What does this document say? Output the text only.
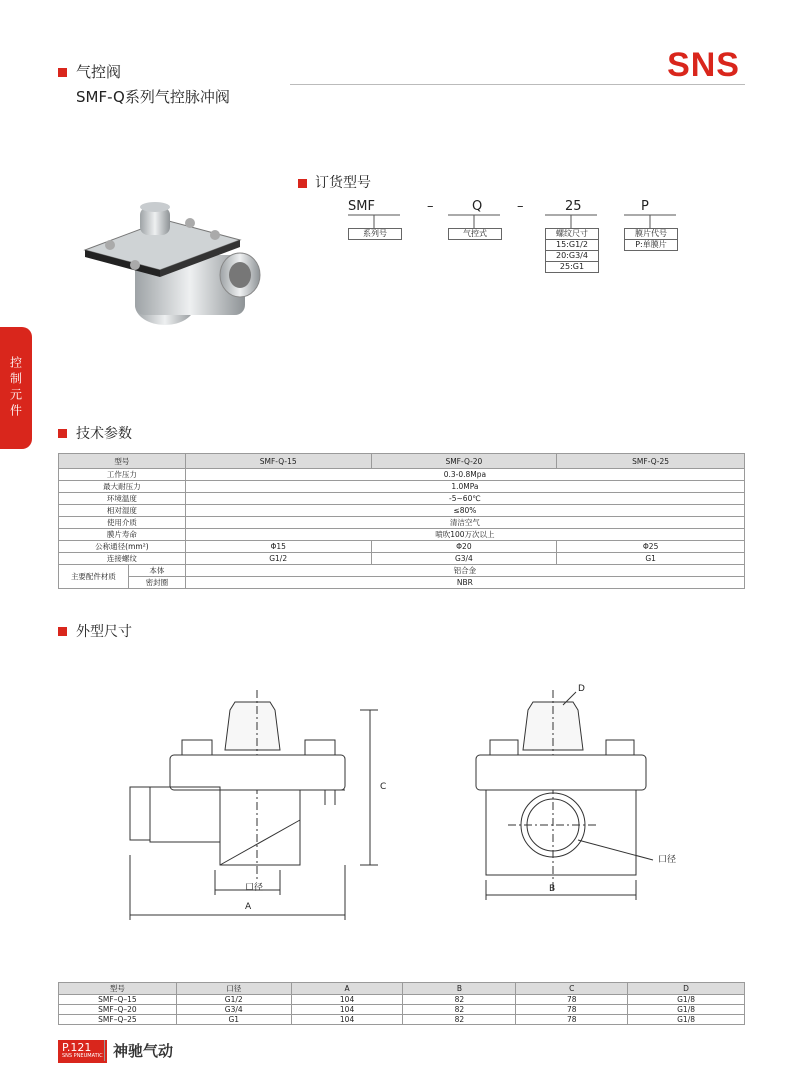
气控阀
SMF-Q系列气控脉冲阀
SNS
控制元件
订货型号
SMF	–	Q	–	25	P
系列号	气控式	螺纹尺寸
15:G1/2
20:G3/4
25:G1
膜片代号
P:单膜片
技术参数
型号		SMF-Q-15	SMF-Q-20	SMF-Q-25
工作压力		0.3-0.8Mpa		
最大耐压力		1.0MPa		
环境温度		-5~60℃		
相对湿度		≤80%		
使用介质		清洁空气		
膜片寿命		喷吹100万次以上		
公称通径(mm²)		Φ15	Φ20	Φ25
连接螺纹		G1/2	G3/4	G1
主要配件材质	本体	铝合金		
	密封圈	NBR		
外型尺寸
A
C
口径	B
D
口径
型号	口径	A	B	C	D
SMF–Q–15	G1/2	104	82	78	G1/8
SMF–Q–20	G3/4	104	82	78	G1/8
SMF–Q–25	G1	104	82	78	G1/8
P.121
SNS PNEUMATIC 神驰气动
